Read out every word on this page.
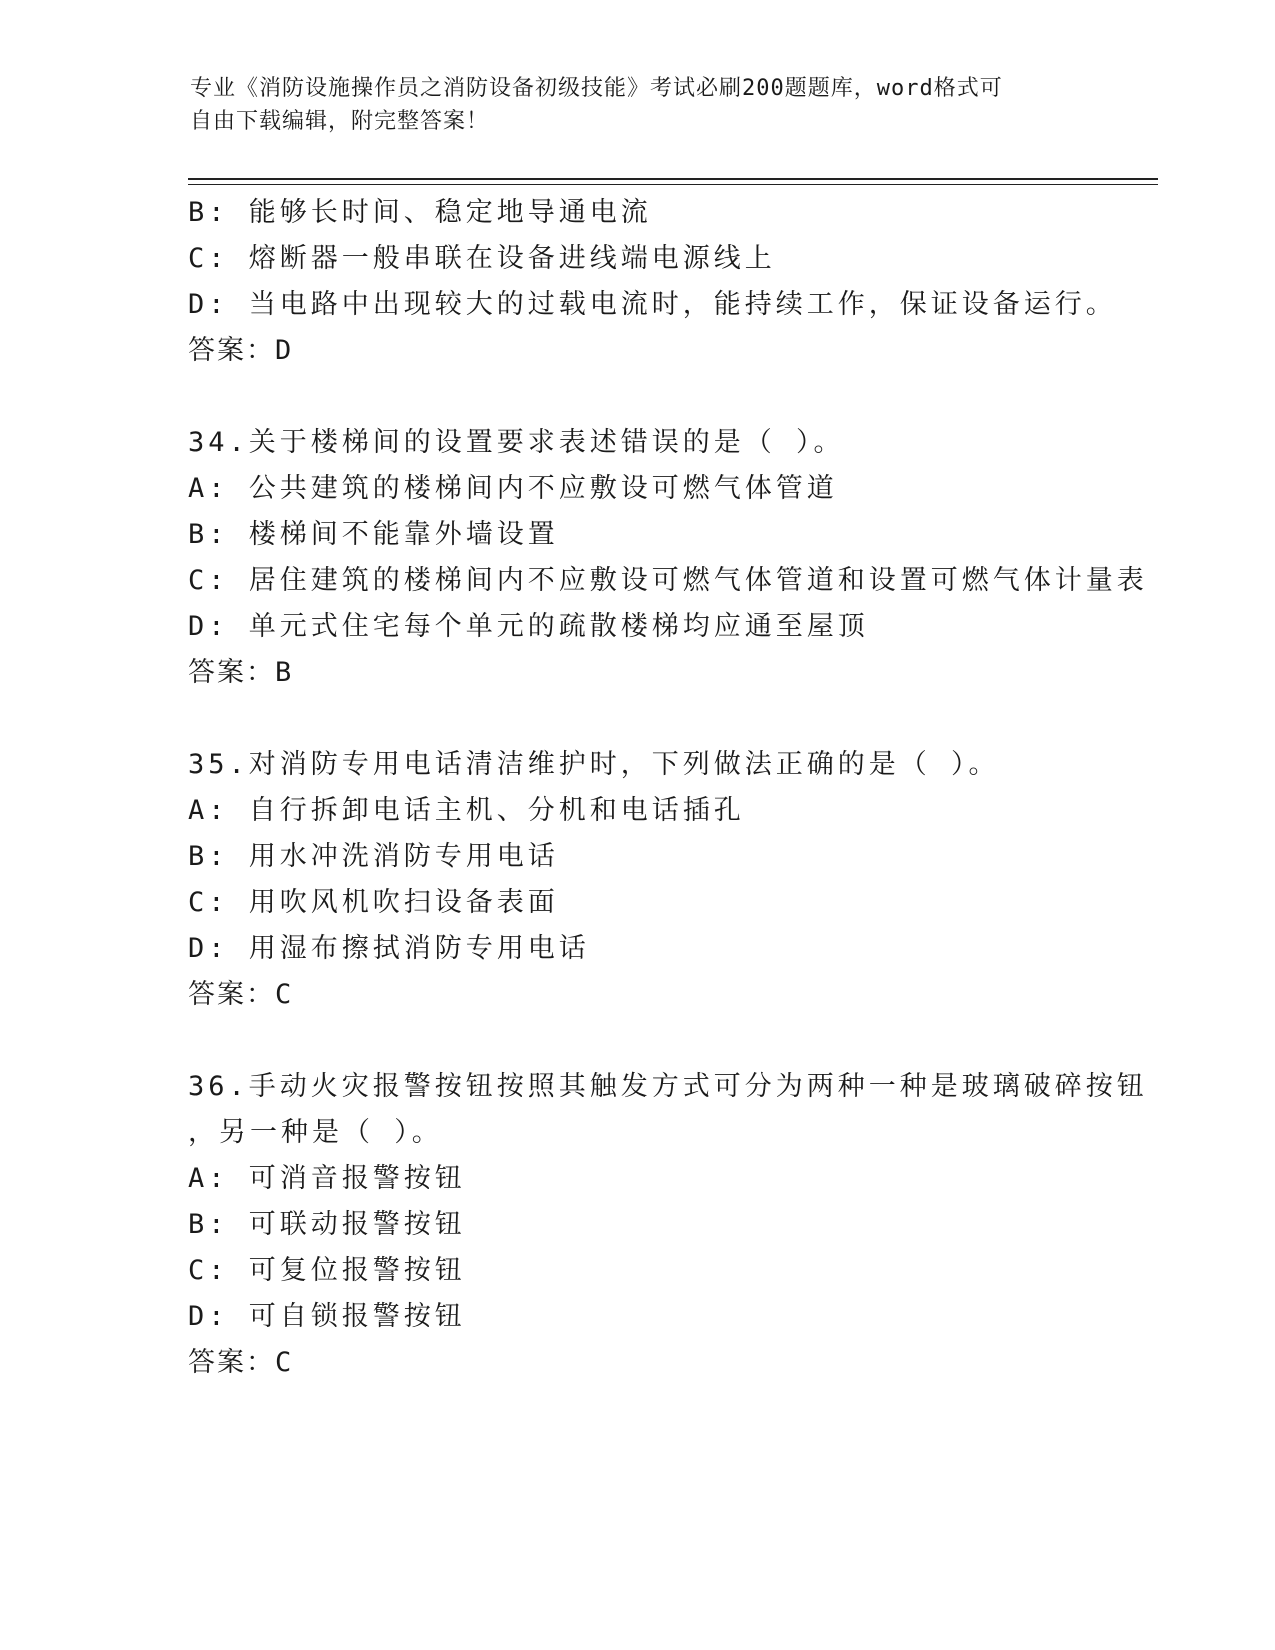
专业《消防设施操作员之消防设备初级技能》考试必刷200题题库，word格式可
自由下载编辑，附完整答案！
B: 能够长时间、稳定地导通电流
C: 熔断器一般串联在设备进线端电源线上
D: 当电路中出现较大的过载电流时，能持续工作，保证设备运行。
答案：D
34.关于楼梯间的设置要求表述错误的是（ ）。
A: 公共建筑的楼梯间内不应敷设可燃气体管道
B: 楼梯间不能靠外墙设置
C: 居住建筑的楼梯间内不应敷设可燃气体管道和设置可燃气体计量表
D: 单元式住宅每个单元的疏散楼梯均应通至屋顶
答案：B
35.对消防专用电话清洁维护时，下列做法正确的是（ ）。
A: 自行拆卸电话主机、分机和电话插孔
B: 用水冲洗消防专用电话
C: 用吹风机吹扫设备表面
D: 用湿布擦拭消防专用电话
答案：C
36.手动火灾报警按钮按照其触发方式可分为两种一种是玻璃破碎按钮
，另一种是（ ）。
A: 可消音报警按钮
B: 可联动报警按钮
C: 可复位报警按钮
D: 可自锁报警按钮
答案：C
